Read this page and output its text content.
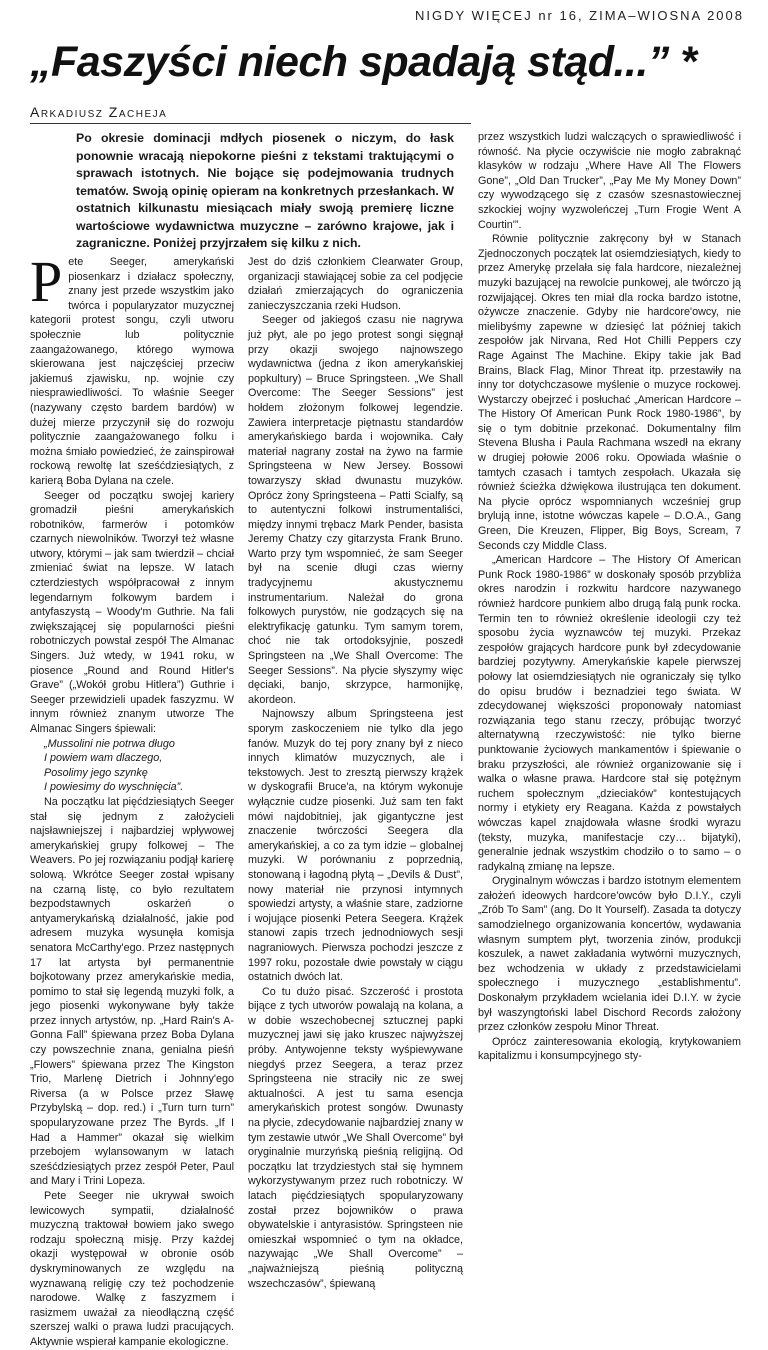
NIGDY WIĘCEJ nr 16, ZIMA–WIOSNA 2008
„Faszyści niech spadają stąd...” *
Arkadiusz Zacheja

Po okresie dominacji mdłych piosenek o niczym, do łask ponownie wracają niepokorne pieśni z tekstami traktującymi o sprawach istotnych. Nie bojące się podejmowania trudnych tematów. Swoją opinię opieram na konkretnych przesłankach. W ostatnich kilkunastu miesiącach miały swoją premierę liczne wartościowe wydawnictwa muzyczne – zarówno krajowe, jak i zagraniczne. Poniżej przyjrzałem się kilku z nich.

Pete Seeger, amerykański piosenkarz i działacz społeczny, znany jest przede wszystkim jako twórca i popularyzator muzycznej kategorii protest songu, czyli utworu społecznie lub politycznie zaangażowanego, którego wymowa skierowana jest najczęściej przeciw jakiemuś zjawisku, np. wojnie czy niesprawiedliwości. To właśnie Seeger (nazywany często bardem bardów) w dużej mierze przyczynił się do rozwoju politycznie zaangażowanego folku i można śmiało powiedzieć, że zainspirował rockową rewoltę lat sześćdziesiątych, z karierą Boba Dylana na czele.

Seeger od początku swojej kariery gromadził pieśni amerykańskich robotników, farmerów i potomków czarnych niewolników. Tworzył też własne utwory, którymi – jak sam twierdził – chciał zmieniać świat na lepsze. W latach czterdziestych współpracował z innym legendarnym folkowym bardem i antyfaszystą – Woody'm Guthrie. Na fali zwiększającej się popularności pieśni robotniczych powstał zespół The Almanac Singers. Już wtedy, w 1941 roku, w piosence „Round and Round Hitler's Grave” („Wokół grobu Hitlera”) Guthrie i Seeger przewidzieli upadek faszyzmu. W innym również znanym utworze The Almanac Singers śpiewali:

„Mussolini nie potrwa długo

I powiem wam dlaczego,

Posolimy jego szynkę

I powiesimy do wyschnięcia”.

Na początku lat pięćdziesiątych Seeger stał się jednym z założycieli najsławniejszej i najbardziej wpływowej amerykańskiej grupy folkowej – The Weavers. Po jej rozwiązaniu podjął karierę solową. Wkrótce Seeger został wpisany na czarną listę, co było rezultatem bezpodstawnych oskarżeń o antyamerykańską działalność, jakie pod adresem muzyka wysunęła komisja senatora McCarthy'ego. Przez następnych 17 lat artysta był permanentnie bojkotowany przez amerykańskie media, pomimo to stał się legendą muzyki folk, a jego piosenki wykonywane były także przez innych artystów, np. „Hard Rain's A-Gonna Fall” śpiewana przez Boba Dylana czy powszechnie znana, genialna pieśń „Flowers” śpiewana przez The Kingston Trio, Marlenę Dietrich i Johnny'ego Riversa (a w Polsce przez Sławę Przybylską – dop. red.) i „Turn turn turn” spopularyzowane przez The Byrds. „If I Had a Hammer” okazał się wielkim przebojem wylansowanym w latach sześćdziesiątych przez zespół Peter, Paul and Mary i Trini Lopeza.

Pete Seeger nie ukrywał swoich lewicowych sympatii, działalność muzyczną traktował bowiem jako swego rodzaju społeczną misję. Przy każdej okazji występował w obronie osób dyskryminowanych ze względu na wyznawaną religię czy też pochodzenie narodowe. Walkę z faszyzmem i rasizmem uważał za nieodłączną część szerszej walki o prawa ludzi pracujących. Aktywnie wspierał kampanie ekologiczne.

Jest do dziś członkiem Clearwater Group, organizacji stawiającej sobie za cel podjęcie działań zmierzających do ograniczenia zanieczyszczania rzeki Hudson.

Seeger od jakiegoś czasu nie nagrywa już płyt, ale po jego protest songi sięgnął przy okazji swojego najnowszego wydawnictwa (jedna z ikon amerykańskiej popkultury) – Bruce Springsteen. „We Shall Overcome: The Seeger Sessions” jest hołdem złożonym folkowej legendzie. Zawiera interpretacje piętnastu standardów amerykańskiego barda i wojownika. Cały materiał nagrany został na żywo na farmie Springsteena w New Jersey. Bossowi towarzyszy skład dwunastu muzyków. Oprócz żony Springsteena – Patti Scialfy, są to autentyczni folkowi instrumentaliści, między innymi trębacz Mark Pender, basista Jeremy Chatzy czy gitarzysta Frank Bruno. Warto przy tym wspomnieć, że sam Seeger był na scenie długi czas wierny tradycyjnemu akustycznemu instrumentarium. Należał do grona folkowych purystów, nie godzących się na elektryfikację gatunku. Tym samym torem, choć nie tak ortodoksyjnie, poszedł Springsteen na „We Shall Overcome: The Seeger Sessions”. Na płycie słyszymy więc dęciaki, banjo, skrzypce, harmonijkę, akordeon.

Najnowszy album Springsteena jest sporym zaskoczeniem nie tylko dla jego fanów. Muzyk do tej pory znany był z nieco innych klimatów muzycznych, ale i tekstowych. Jest to zresztą pierwszy krążek w dyskografii Bruce'a, na którym wykonuje wyłącznie cudze piosenki. Już sam ten fakt mówi najdobitniej, jak gigantyczne jest znaczenie twórczości Seegera dla amerykańskiej, a co za tym idzie – globalnej muzyki. W porównaniu z poprzednią, stonowaną i łagodną płytą – „Devils & Dust”, nowy materiał nie przynosi intymnych spowiedzi artysty, a właśnie stare, zadziorne i wojujące piosenki Petera Seegera. Krążek stanowi zapis trzech jednodniowych sesji nagraniowych. Pierwsza pochodzi jeszcze z 1997 roku, pozostałe dwie powstały w ciągu ostatnich dwóch lat.

Co tu dużo pisać. Szczerość i prostota bijące z tych utworów powalają na kolana, a w dobie wszechobecnej sztucznej papki muzycznej jawi się jako kruszec najwyższej próby. Antywojenne teksty wyśpiewywane niegdyś przez Seegera, a teraz przez Springsteena nie straciły nic ze swej aktualności. A jest tu sama esencja amerykańskich protest songów. Dwunasty na płycie, zdecydowanie najbardziej znany w tym zestawie utwór „We Shall Overcome” był oryginalnie murzyńską pieśnią religijną. Od początku lat trzydziestych stał się hymnem wykorzystywanym przez ruch robotniczy. W latach pięćdziesiątych spopularyzowany został przez bojowników o prawa obywatelskie i antyrasistów. Springsteen nie omieszkał wspomnieć o tym na okładce, nazywając „We Shall Overcome” – „najważniejszą pieśnią polityczną wszechczasów”, śpiewaną

przez wszystkich ludzi walczących o sprawiedliwość i równość. Na płycie oczywiście nie mogło zabraknąć klasyków w rodzaju „Where Have All The Flowers Gone”, „Old Dan Trucker”, „Pay Me My Money Down” czy wywodzącego się z czasów szesnastowiecznej szkockiej wojny wyzwoleńczej „Turn Frogie Went A Courtin'”.

Równie politycznie zakręcony był w Stanach Zjednoczonych początek lat osiemdziesiątych, kiedy to przez Amerykę przelała się fala hardcore, niezależnej muzyki bazującej na rewolcie punkowej, ale twórczo ją rozwijającej. Okres ten miał dla rocka bardzo istotne, ożywcze znaczenie. Gdyby nie hardcore'owcy, nie mielibyśmy zapewne w dziesięć lat później takich zespołów jak Nirvana, Red Hot Chilli Peppers czy Rage Against The Machine. Ekipy takie jak Bad Brains, Black Flag, Minor Threat itp. przestawiły na inny tor dotychczasowe myślenie o muzyce rockowej. Wystarczy obejrzeć i posłuchać „American Hardcore – The History Of American Punk Rock 1980-1986”, by się o tym dobitnie przekonać. Dokumentalny film Stevena Blusha i Paula Rachmana wszedł na ekrany w drugiej połowie 2006 roku. Opowiada właśnie o tamtych czasach i tamtych zespołach. Ukazała się również ścieżka dźwiękowa ilustrująca ten dokument. Na płycie oprócz wspomnianych wcześniej grup brylują inne, istotne wówczas kapele – D.O.A., Gang Green, Die Kreuzen, Flipper, Big Boys, Scream, 7 Seconds czy Middle Class.

„American Hardcore – The History Of American Punk Rock 1980-1986” w doskonały sposób przybliża okres narodzin i rozkwitu hardcore nazywanego również hardcore punkiem albo drugą falą punk rocka. Termin ten to również określenie ideologii czy też sposobu życia wyznawców tej muzyki. Przekaz zespołów grających hardcore punk był zdecydowanie bardziej pozytywny. Amerykańskie kapele pierwszej połowy lat osiemdziesiątych nie ograniczały się tylko do opisu brudów i beznadziei tego świata. W zdecydowanej większości proponowały natomiast rozwiązania tego stanu rzeczy, próbując tworzyć alternatywną rzeczywistość: nie tylko bierne punktowanie życiowych mankamentów i śpiewanie o braku przyszłości, ale również organizowanie się i walka o własne prawa. Hardcore stał się potężnym ruchem społecznym „dzieciaków” kontestujących normy i etykiety ery Reagana. Każda z powstałych wówczas kapel znajdowała własne środki wyrazu (teksty, muzyka, manifestacje czy… bijatyki), generalnie jednak wszystkim chodziło o to samo – o radykalną zmianę na lepsze.

Oryginalnym wówczas i bardzo istotnym elementem założeń ideowych hardcore'owców było D.I.Y., czyli „Zrób To Sam” (ang. Do It Yourself). Zasada ta dotyczy samodzielnego organizowania koncertów, wydawania własnym sumptem płyt, tworzenia zinów, produkcji koszulek, a nawet zakładania wytwórni muzycznych, bez wchodzenia w układy z przedstawicielami społecznego i muzycznego „establishmentu”. Doskonałym przykładem wcielania idei D.I.Y. w życie był waszyngtoński label Dischord Records założony przez członków zespołu Minor Threat.

Oprócz zainteresowania ekologią, krytykowaniem kapitalizmu i konsumpcyjnego sty-
